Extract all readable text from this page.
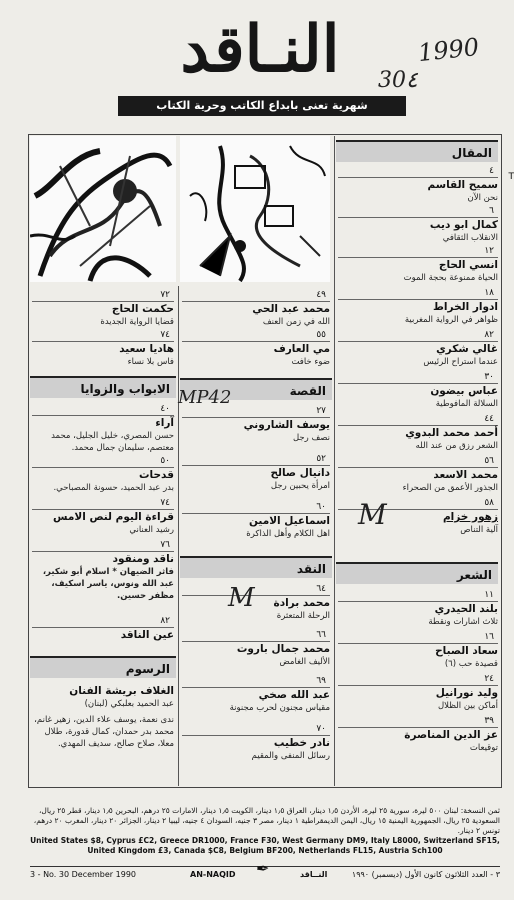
النـاقد
شهرية تعنى بابداع الكاتب وحرية الكتاب
1990
30٤
T
المقال
٤
سميح القاسم
نحن الآن
٦
كمال ابو ديب
الانقلاب الثقافي
١٢
انسي الحاج
الحياة ممنوعة بحجة الموت
١٨
ادوار الخراط
ظواهر في الرواية المغربية
٨٢
غالي شكري
عندما استراح الرئيس
٣٠
عباس بيضون
السلالة المافوطية
٤٤
أحمد محمد البدوي
الشعر رزق من عند الله
٥٦
محمد الاسعد
الجذور الأعمق من الصحراء
٥٨
زهور خزام
آلية التناص
الشعر
١١
بلند الحيدري
ثلاث اشارات ونقطة
١٦
سعاد الصباح
قصيدة حب (٦)
٢٤
وليد نورانيل
أماكن بين الظلال
٣٩
عز الدين المناصرة
توقيعات
٤٩
محمد عبد الحي
الله في زمن العنف
٥٥
مي العارف
ضوء خافت
القصة
٢٧
يوسف الشاروني
نصف رجل
٥٢
دانيال صالح
امرأة يحبين رجل
٦٠
اسماعيل الامين
اهل الكلام وأهل الذاكرة
النقد
٦٤
محمد برادة
الرحلة المتعثرة
٦٦
محمد جمال باروت
الأليف الغامض
٦٩
عبد الله صخي
مقياس مجنون لحرب مجنونة
٧٠
نادر خطيب
رسائل المنفى والمقيم
٧٢
حكمت الحاج
قضايا الرواية الجديدة
٧٤
هاديا سعيد
فاس بلا نساء
الابواب والزوايا
٤٠
آراء
حسن المصري، خليل الجليل، محمد معتصم، سليمان جمال محمد.
٥٠
قدحات
بدر عبد الحميد، حسونة المصباحي.
٧٤
قراءة اليوم لنص الامس
رشيد العناني
٧٦
ناقد ومنقود
فاثر الضيهان * اسلام أبو شكير، عبد الله ونوس، ياسر اسكيف، مظفر حسين.
٨٢
عين الناقد
الرسوم
الغلاف بريشة الفنان
عبد الحميد بعلبكي (لبنان)
ندى نعمة، يوسف علاء الدين، زهير غانم، محمد بدر حمدان، كمال قدورة، طلال معلا، صلاح صالح، سديف المهدي.
MP42
M
M
ثمن النسخة: لبنان ٥٠٠ ليرة، سورية ٢٥ ليرة، الأردن ١٫٥ دينار، العراق ١٫٥ دينار، الكويت ١٫٥ دينار، الامارات ٢٥ درهم، البحرين ١٫٥ دينار، قطر ٢٥ ريال، السعودية ٢٥ ريال، الجمهورية اليمنية ١٥ ريال، اليمن الديمقراطية ١ دينار، مصر ٣ جنيه، السودان ٤ جنيه، ليبيا ٢ دينار، الجزائر ٢٠ دينار، المغرب ٢٠ درهم، تونس ٢ دينار.
United States $8, Cyprus £C2, Greece DR1000, France F30, West Germany DM9, Italy L8000, Switzerland SF15, United Kingdom £3, Canada $C8, Belgium BF200, Netherlands FL15, Austria Sch100
3 - No. 30 December 1990	AN-NAQID ✒	النــاقد	٣ - العدد الثلاثون كانون الأول (ديسمبر) ١٩٩٠
